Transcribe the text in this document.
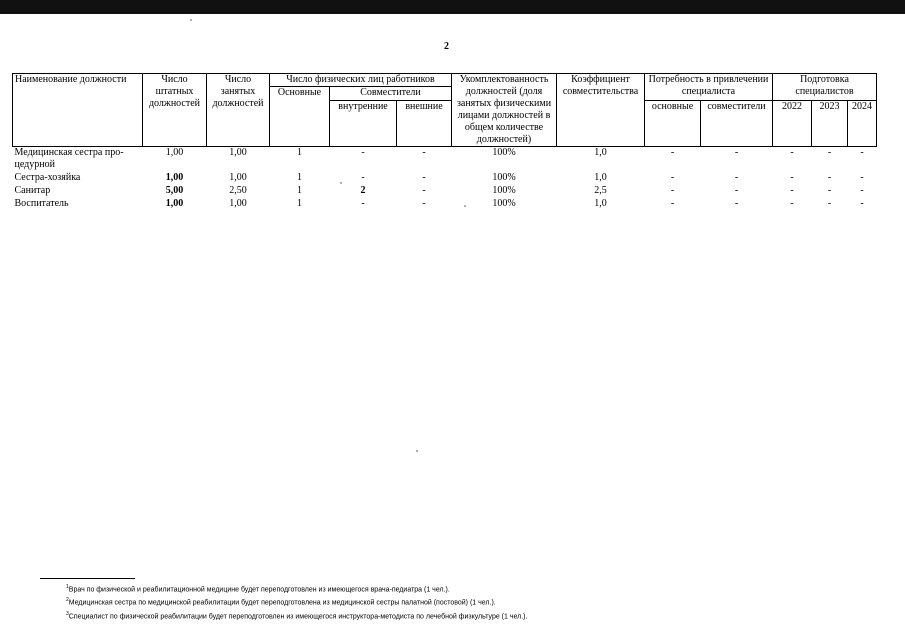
2
Наименование должности	Число штатных должностей	Число занятых должностей	Число физических лиц работников			Укомплектованность должностей (доля занятых физическими лицами должностей в общем количестве должностей)	Коэффициент совместительства	Потребность в привлечении специалиста		Подготовка специалистов		
			Основные	Совместители								
				внутренние	внешние			основные	совместители	2022	2023	2024
Медицинская сестра про-цедурной	1,00	1,00	1	-	-	100%	1,0	-	-	-	-	-
Сестра-хозяйка	1,00	1,00	1	-	-	100%	1,0	-	-	-	-	-
Санитар	5,00	2,50	1	2	-	100%	2,5	-	-	-	-	-
Воспитатель	1,00	1,00	1	-	-	100%	1,0	-	-	-	-	-
$^1$Врач по физической и реабилитационной медицине будет переподготовлен из имеющегося врача-педиатра (1 чел.).
$^2$Медицинская сестра по медицинской реабилитации будет переподготовлена из медицинской сестры палатной (постовой) (1 чел.).
$^3$Специалист по физической реабилитации будет переподготовлен из имеющегося инструктора-методиста по лечебной физкультуре (1 чел.).
